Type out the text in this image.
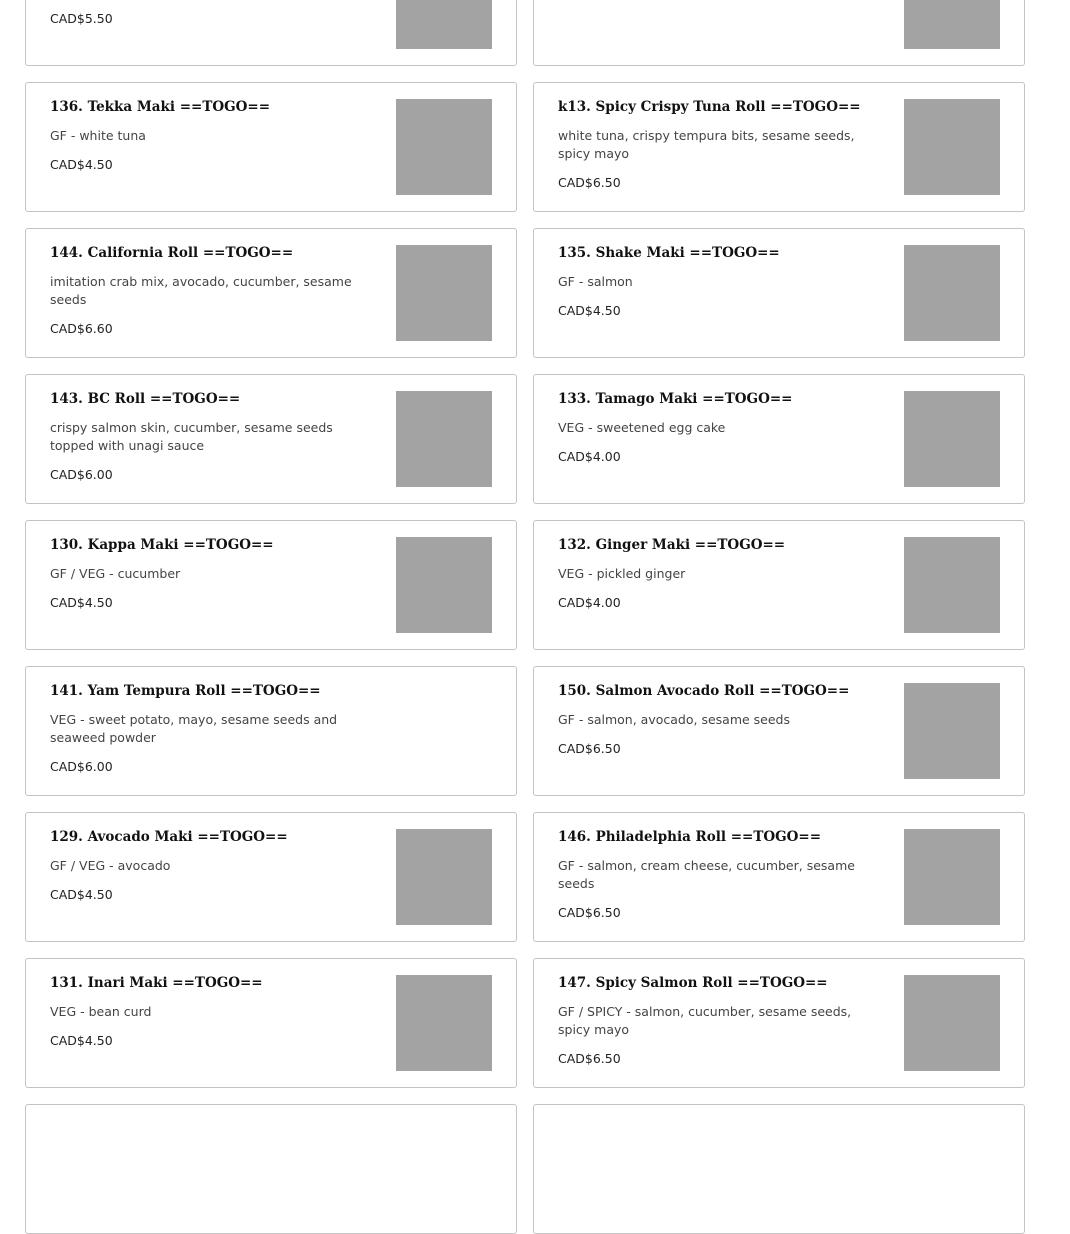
CAD$5.50
136. Tekka Maki ==TOGO==
GF - white tuna
CAD$4.50
k13. Spicy Crispy Tuna Roll ==TOGO==
white tuna, crispy tempura bits, sesame seeds, spicy mayo
CAD$6.50
144. California Roll ==TOGO==
imitation crab mix, avocado, cucumber, sesame seeds
CAD$6.60
135. Shake Maki ==TOGO==
GF - salmon
CAD$4.50
143. BC Roll ==TOGO==
crispy salmon skin, cucumber, sesame seeds topped with unagi sauce
CAD$6.00
133. Tamago Maki ==TOGO==
VEG - sweetened egg cake
CAD$4.00
130. Kappa Maki ==TOGO==
GF / VEG - cucumber
CAD$4.50
132. Ginger Maki ==TOGO==
VEG - pickled ginger
CAD$4.00
141. Yam Tempura Roll ==TOGO==
VEG - sweet potato, mayo, sesame seeds and seaweed powder
CAD$6.00
150. Salmon Avocado Roll ==TOGO==
GF - salmon, avocado, sesame seeds
CAD$6.50
129. Avocado Maki ==TOGO==
GF / VEG - avocado
CAD$4.50
146. Philadelphia Roll ==TOGO==
GF - salmon, cream cheese, cucumber, sesame seeds
CAD$6.50
131. Inari Maki ==TOGO==
VEG - bean curd
CAD$4.50
147. Spicy Salmon Roll ==TOGO==
GF / SPICY - salmon, cucumber, sesame seeds, spicy mayo
CAD$6.50
